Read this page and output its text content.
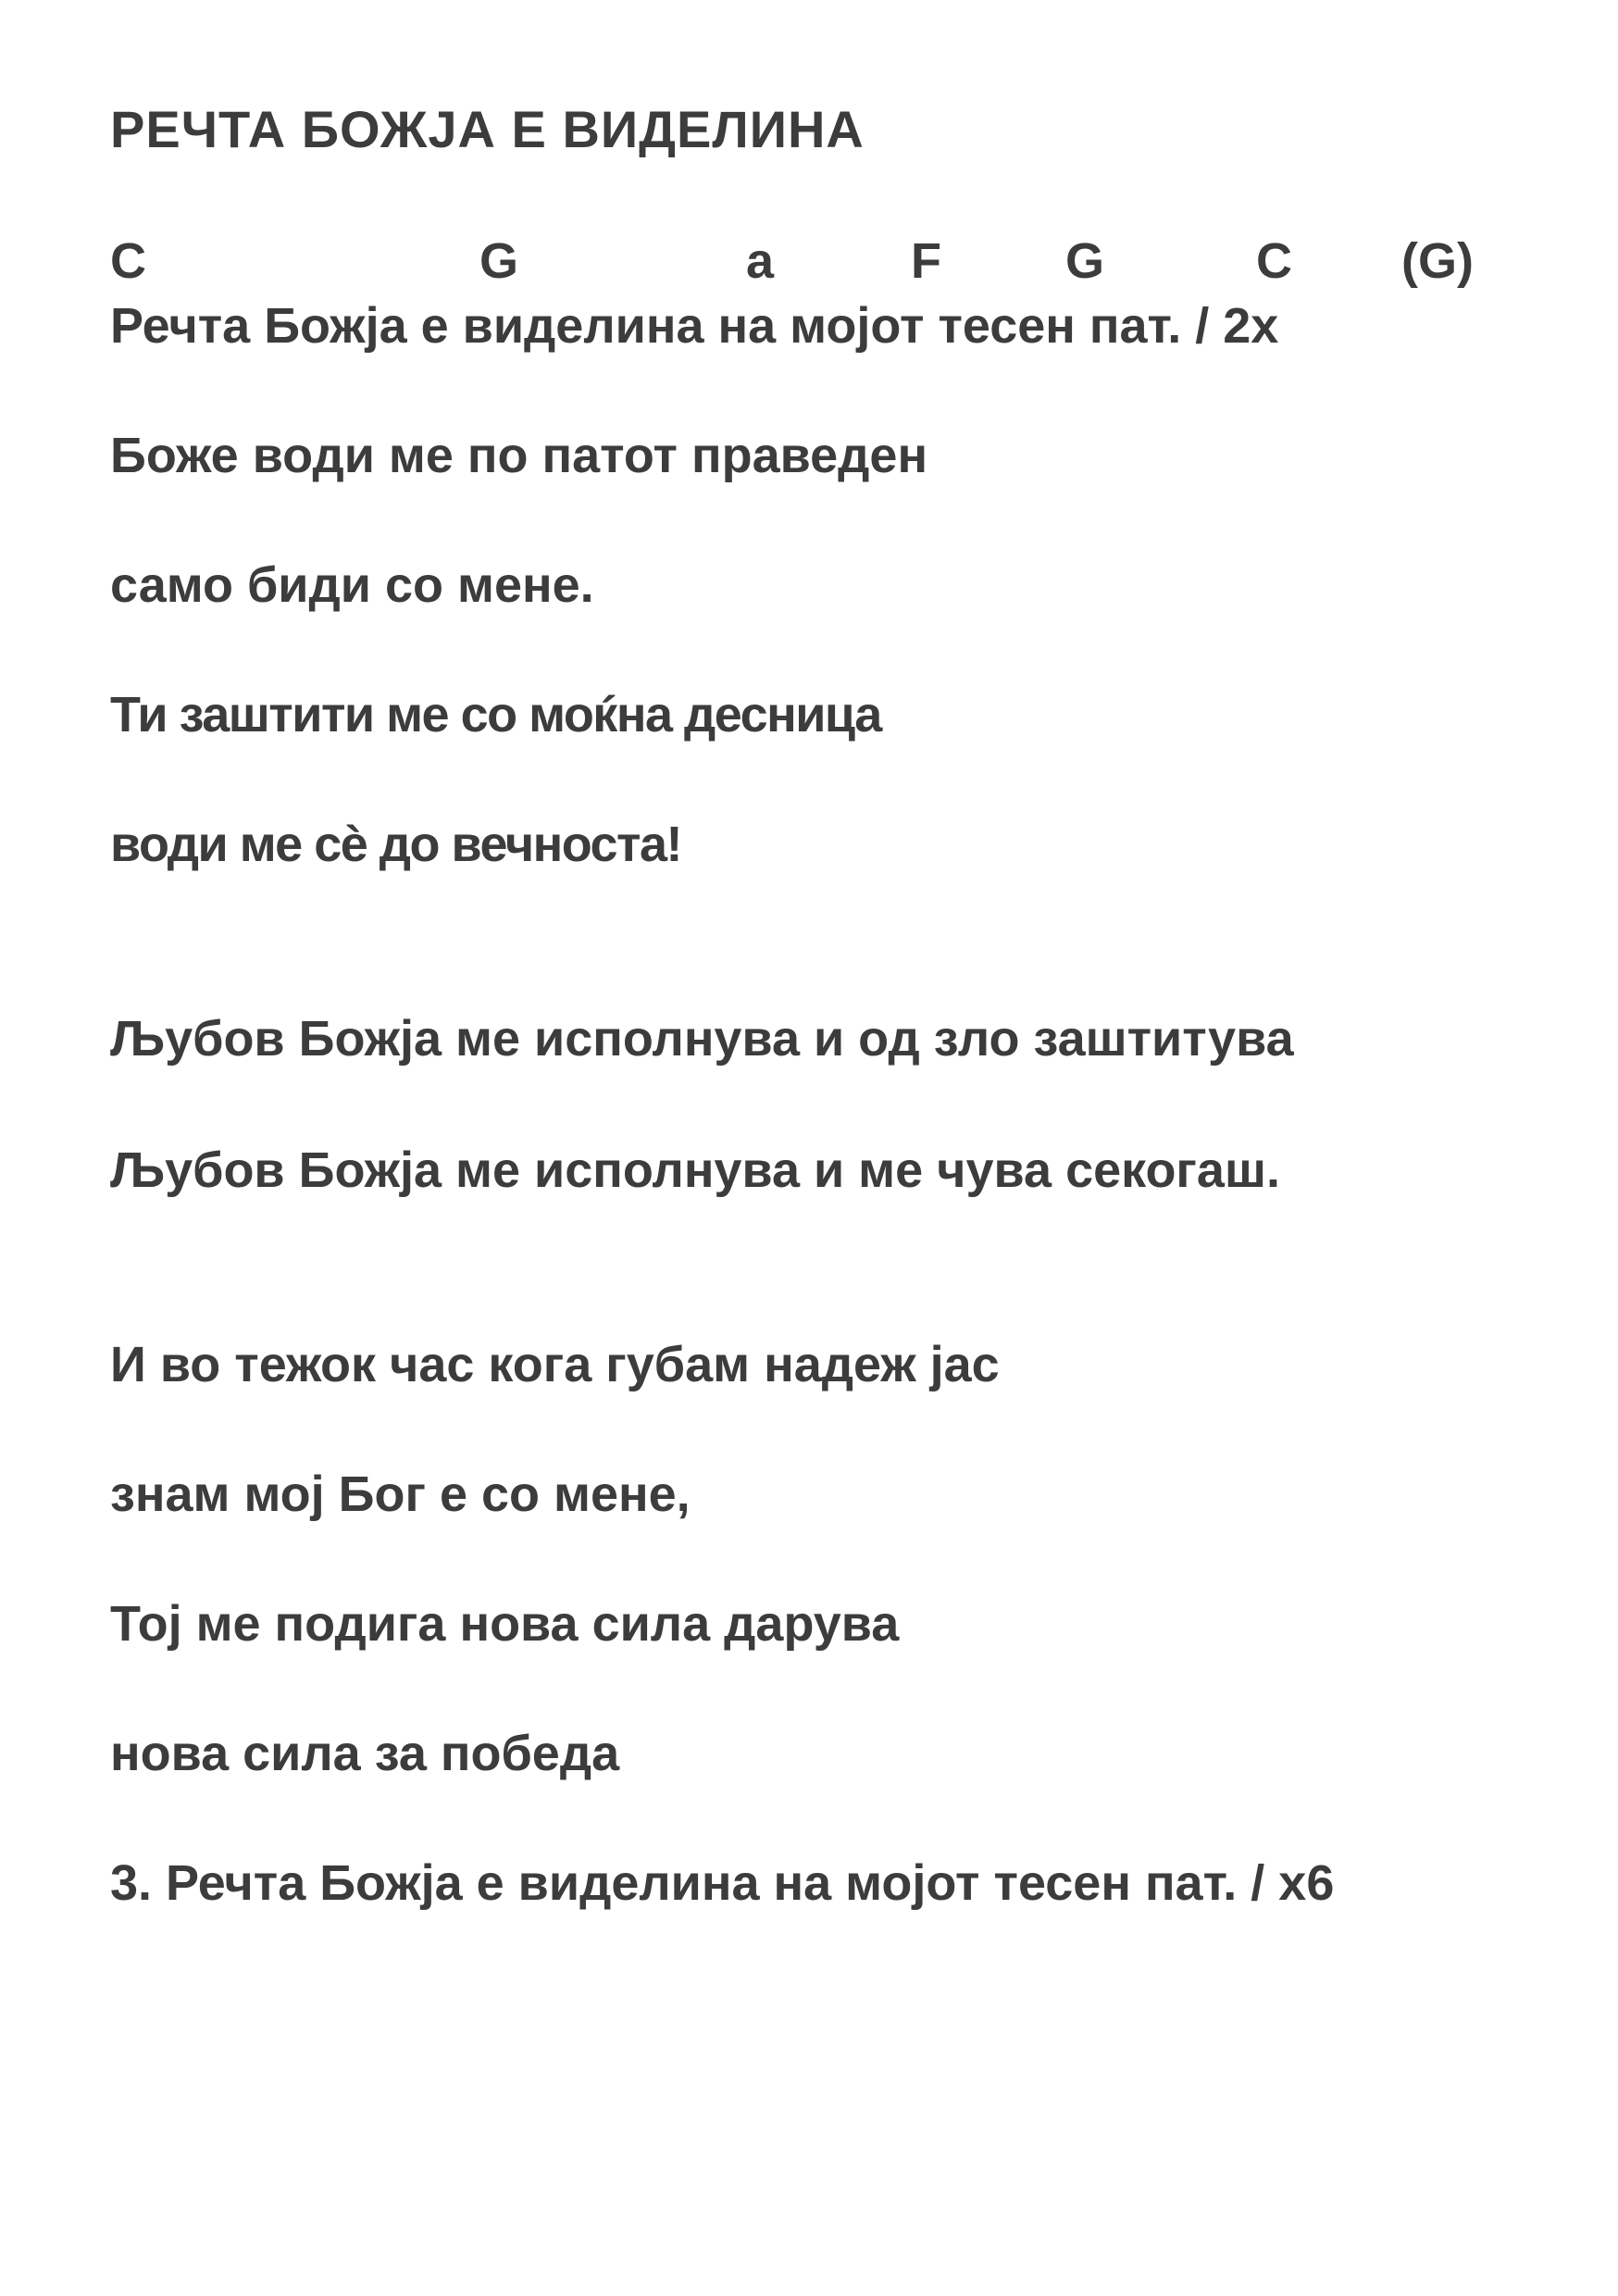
РЕЧТА БОЖЈА Е ВИДЕЛИНА

C	G	a	F G	C (G)

Речта Божја е виделина на мојот тесен пат. / 2х

Боже води ме по патот праведен

само биди со мене.

Ти заштити ме со моќна десница

води ме сѐ до вечноста!

Љубов Божја ме исполнува и од зло заштитува

Љубов Божја ме исполнува и ме чува секогаш.

И во тежок час кога губам надеж јас

знам мој Бог е со мене,

Тој ме подига нова сила дарува

нова сила за победа

3. Речта Божја е виделина на мојот тесен пат. / х6
